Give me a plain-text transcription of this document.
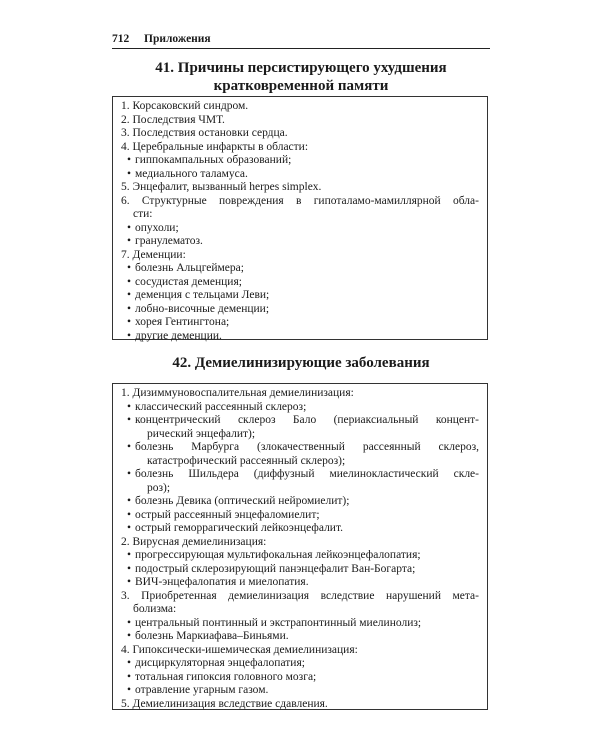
712 Приложения
41. Причины персистирующего ухудшения
кратковременной памяти
1. Корсаковский синдром.
2. Последствия ЧМТ.
3. Последствия остановки сердца.
4. Церебральные инфаркты в области:
• гиппокампальных образований;
• медиального таламуса.
5. Энцефалит, вызванный herpes simplex.
6. Структурные повреждения в гипоталамо-мамиллярной обла-
сти:
• опухоли;
• гранулематоз.
7. Деменции:
• болезнь Альцгеймера;
• сосудистая деменция;
• деменция с тельцами Леви;
• лобно-височные деменции;
• хорея Гентингтона;
• другие деменции.
42. Демиелинизирующие заболевания
1. Дизиммуновоспалительная демиелинизация:
• классический рассеянный склероз;
• концентрический склероз Бало (периаксиальный концент-
рический энцефалит);
• болезнь Марбурга (злокачественный рассеянный склероз,
катастрофический рассеянный склероз);
• болезнь Шильдера (диффузный миелинокластический скле-
роз);
• болезнь Девика (оптический нейромиелит);
• острый рассеянный энцефаломиелит;
• острый геморрагический лейкоэнцефалит.
2. Вирусная демиелинизация:
• прогрессирующая мультифокальная лейкоэнцефалопатия;
• подострый склерозирующий панэнцефалит Ван-Богарта;
• ВИЧ-энцефалопатия и миелопатия.
3. Приобретенная демиелинизация вследствие нарушений мета-
болизма:
• центральный понтинный и экстрапонтинный миелинолиз;
• болезнь Маркиафава–Биньями.
4. Гипоксически-ишемическая демиелинизация:
• дисциркуляторная энцефалопатия;
• тотальная гипоксия головного мозга;
• отравление угарным газом.
5. Демиелинизация вследствие сдавления.
